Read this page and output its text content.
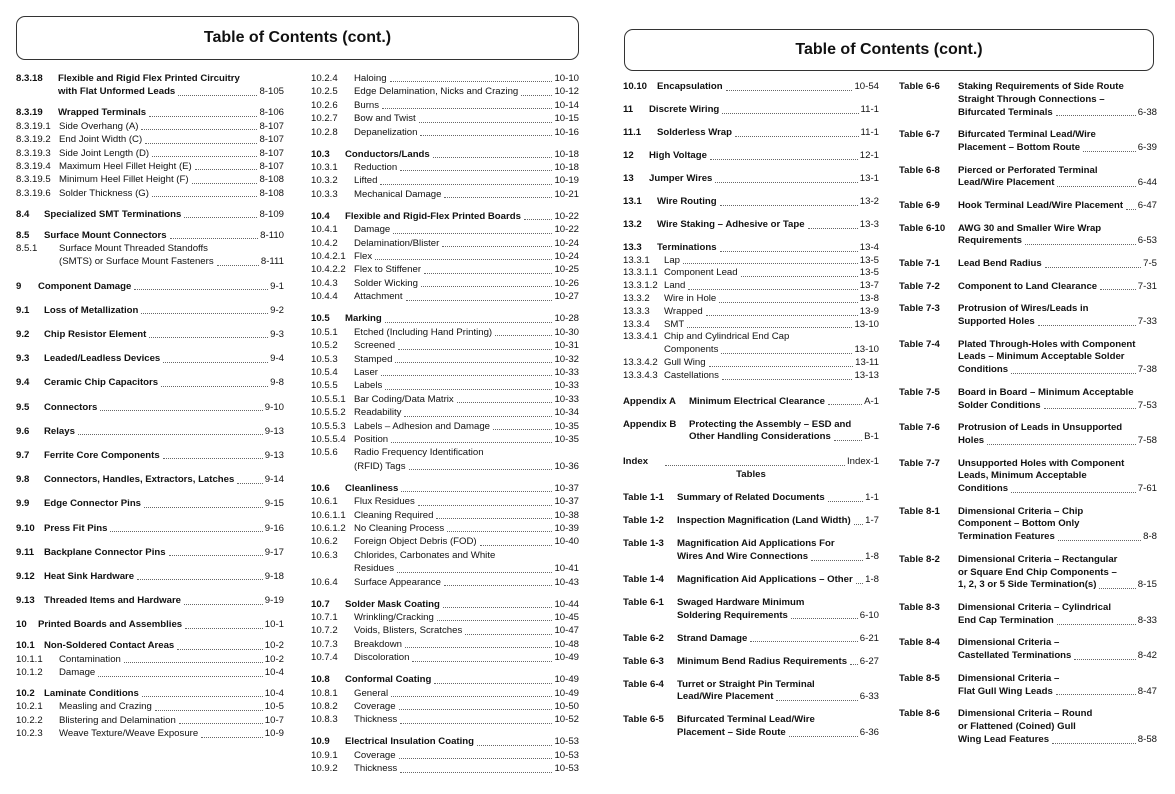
Table of Contents (cont.)
8.3.18	Flexible and Rigid Flex Printed Circuitry
with Flat Unformed Leads	8-105
8.3.19	Wrapped Terminals	8-106
8.3.19.1 Side Overhang (A)	8-107
8.3.19.2 End Joint Width (C)	8-107
8.3.19.3 Side Joint Length (D)	8-107
8.3.19.4 Maximum Heel Fillet Height (E)	8-107
8.3.19.5 Minimum Heel Fillet Height (F)	8-108
8.3.19.6 Solder Thickness (G)	8-108
8.4	Specialized SMT Terminations	8-109
8.5	Surface Mount Connectors	8-110
8.5.1	Surface Mount Threaded Standoffs
(SMTS) or Surface Mount Fasteners	8-111
9	Component Damage	9-1
9.1	Loss of Metallization	9-2
9.2	Chip Resistor Element	9-3
9.3	Leaded/Leadless Devices	9-4
9.4	Ceramic Chip Capacitors	9-8
9.5	Connectors	9-10
9.6	Relays	9-13
9.7	Ferrite Core Components	9-13
9.8	Connectors, Handles, Extractors, Latches	9-14
9.9	Edge Connector Pins	9-15
9.10 Press Fit Pins	9-16
9.11	Backplane Connector Pins	9-17
9.12 Heat Sink Hardware	9-18
9.13 Threaded Items and Hardware	9-19
10	Printed Boards and Assemblies	10-1
10.1 Non-Soldered Contact Areas	10-2
10.1.1	Contamination	10-2
10.1.2	Damage	10-4
10.2 Laminate Conditions	10-4
10.2.1	Measling and Crazing	10-5
10.2.2	Blistering and Delamination	10-7
10.2.3	Weave Texture/Weave Exposure	10-9
10.2.4	Haloing	10-10
10.2.5	Edge Delamination, Nicks and Crazing	10-12
10.2.6	Burns	10-14
10.2.7	Bow and Twist	10-15
10.2.8	Depanelization	10-16
10.3	Conductors/Lands	10-18
10.3.1	Reduction	10-18
10.3.2	Lifted	10-19
10.3.3	Mechanical Damage	10-21
10.4	Flexible and Rigid-Flex Printed Boards	10-22
10.4.1	Damage	10-22
10.4.2	Delamination/Blister	10-24
10.4.2.1 Flex	10-24
10.4.2.2 Flex to Stiffener	10-25
10.4.3	Solder Wicking	10-26
10.4.4	Attachment	10-27
10.5	Marking	10-28
10.5.1	Etched (Including Hand Printing)	10-30
10.5.2	Screened	10-31
10.5.3	Stamped	10-32
10.5.4	Laser	10-33
10.5.5	Labels	10-33
10.5.5.1 Bar Coding/Data Matrix	10-33
10.5.5.2 Readability	10-34
10.5.5.3 Labels – Adhesion and Damage	10-35
10.5.5.4 Position	10-35
10.5.6	Radio Frequency Identification
(RFID) Tags	10-36
10.6	Cleanliness	10-37
10.6.1	Flux Residues	10-37
10.6.1.1 Cleaning Required	10-38
10.6.1.2 No Cleaning Process	10-39
10.6.2	Foreign Object Debris (FOD)	10-40
10.6.3	Chlorides, Carbonates and White
Residues	10-41
10.6.4	Surface Appearance	10-43
10.7	Solder Mask Coating	10-44
10.7.1	Wrinkling/Cracking	10-45
10.7.2	Voids, Blisters, Scratches	10-47
10.7.3	Breakdown	10-48
10.7.4	Discoloration	10-49
10.8	Conformal Coating	10-49
10.8.1	General	10-49
10.8.2	Coverage	10-50
10.8.3	Thickness	10-52
10.9	Electrical Insulation Coating	10-53
10.9.1	Coverage	10-53
10.9.2	Thickness	10-53
Table of Contents (cont.)
10.10	Encapsulation	10-54
11	Discrete Wiring	11-1
11.1	Solderless Wrap	11-1
12	High Voltage	12-1
13	Jumper Wires	13-1
13.1	Wire Routing	13-2
13.2	Wire Staking – Adhesive or Tape	13-3
13.3	Terminations	13-4
13.3.1	Lap	13-5
13.3.1.1 Component Lead	13-5
13.3.1.2 Land	13-7
13.3.2	Wire in Hole	13-8
13.3.3	Wrapped	13-9
13.3.4	SMT	13-10
13.3.4.1 Chip and Cylindrical End Cap
Components	13-10
13.3.4.2 Gull Wing	13-11
13.3.4.3 Castellations	13-13
Appendix A	Minimum Electrical Clearance	A-1
Appendix B	Protecting the Assembly – ESD and
Other Handling Considerations	B-1
Index	Index-1
Tables
Table 1-1	Summary of Related Documents	1-1
Table 1-2	Inspection Magnification (Land Width) 1-7
Table 1-3	Magnification Aid Applications For
Wires And Wire Connections	1-8
Table 1-4	Magnification Aid Applications – Other 1-8
Table 6-1	Swaged Hardware Minimum
Soldering Requirements	6-10
Table 6-2	Strand Damage	6-21
Table 6-3	Minimum Bend Radius Requirements 6-27
Table 6-4	Turret or Straight Pin Terminal
Lead/Wire Placement	6-33
Table 6-5	Bifurcated Terminal Lead/Wire
Placement – Side Route	6-36
Table 6-6	Staking Requirements of Side Route
Straight Through Connections –
Bifurcated Terminals	6-38
Table 6-7	Bifurcated Terminal Lead/Wire
Placement – Bottom Route	6-39
Table 6-8	Pierced or Perforated Terminal
Lead/Wire Placement	6-44
Table 6-9	Hook Terminal Lead/Wire Placement 6-47
Table 6-10	AWG 30 and Smaller Wire Wrap
Requirements	6-53
Table 7-1	Lead Bend Radius	7-5
Table 7-2	Component to Land Clearance	7-31
Table 7-3	Protrusion of Wires/Leads in
Supported Holes	7-33
Table 7-4	Plated Through-Holes with Component
Leads – Minimum Acceptable Solder
Conditions	7-38
Table 7-5	Board in Board – Minimum Acceptable
Solder Conditions	7-53
Table 7-6	Protrusion of Leads in Unsupported
Holes	7-58
Table 7-7	Unsupported Holes with Component
Leads, Minimum Acceptable
Conditions	7-61
Table 8-1	Dimensional Criteria – Chip
Component – Bottom Only
Termination Features	8-8
Table 8-2	Dimensional Criteria – Rectangular
or Square End Chip Components –
1, 2, 3 or 5 Side Termination(s)	8-15
Table 8-3	Dimensional Criteria – Cylindrical
End Cap Termination	8-33
Table 8-4	Dimensional Criteria –
Castellated Terminations	8-42
Table 8-5	Dimensional Criteria –
Flat Gull Wing Leads	8-47
Table 8-6	Dimensional Criteria – Round
or Flattened (Coined) Gull
Wing Lead Features	8-58
